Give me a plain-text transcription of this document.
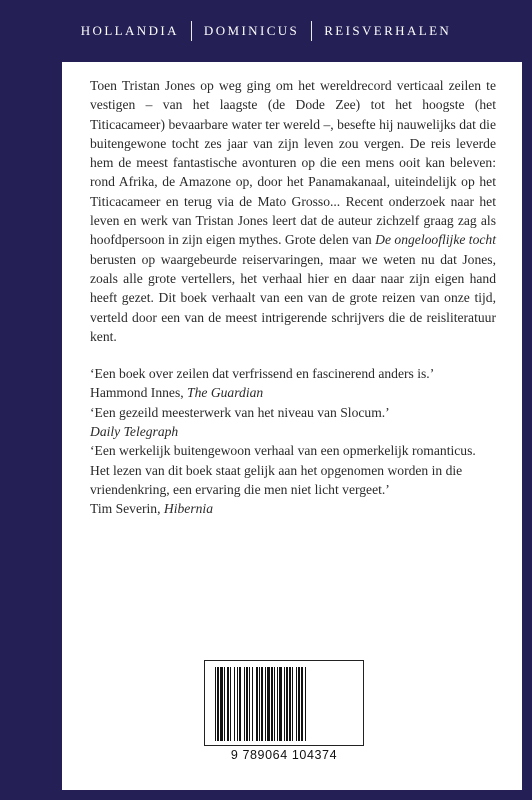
HOLLANDIA DOMINICUS REISVERHALEN

Toen Tristan Jones op weg ging om het wereldrecord verticaal zeilen te vestigen – van het laagste (de Dode Zee) tot het hoogste (het Titicacameer) bevaarbare water ter wereld –, besefte hij nauwelijks dat die buitengewone tocht zes jaar van zijn leven zou vergen. De reis leverde hem de meest fantastische avonturen op die een mens ooit kan beleven: rond Afrika, de Amazone op, door het Panamakanaal, uiteindelijk op het Titicacameer en terug via de Mato Grosso... Recent onderzoek naar het leven en werk van Tristan Jones leert dat de auteur zichzelf graag zag als hoofdpersoon in zijn eigen mythes. Grote delen van De ongelooflijke tocht berusten op waargebeurde reiservaringen, maar we weten nu dat Jones, zoals alle grote vertellers, het verhaal hier en daar naar zijn eigen hand heeft gezet. Dit boek verhaalt van een van de grote reizen van onze tijd, verteld door een van de meest intrigerende schrijvers die de reisliteratuur kent.

‘Een boek over zeilen dat verfrissend en fascinerend anders is.’
Hammond Innes, The Guardian

‘Een gezeild meesterwerk van het niveau van Slocum.’
Daily Telegraph

‘Een werkelijk buitengewoon verhaal van een opmerkelijk romanticus. Het lezen van dit boek staat gelijk aan het opgenomen worden in die vriendenkring, een ervaring die men niet licht vergeet.’
Tim Severin, Hibernia

9 789064 104374
